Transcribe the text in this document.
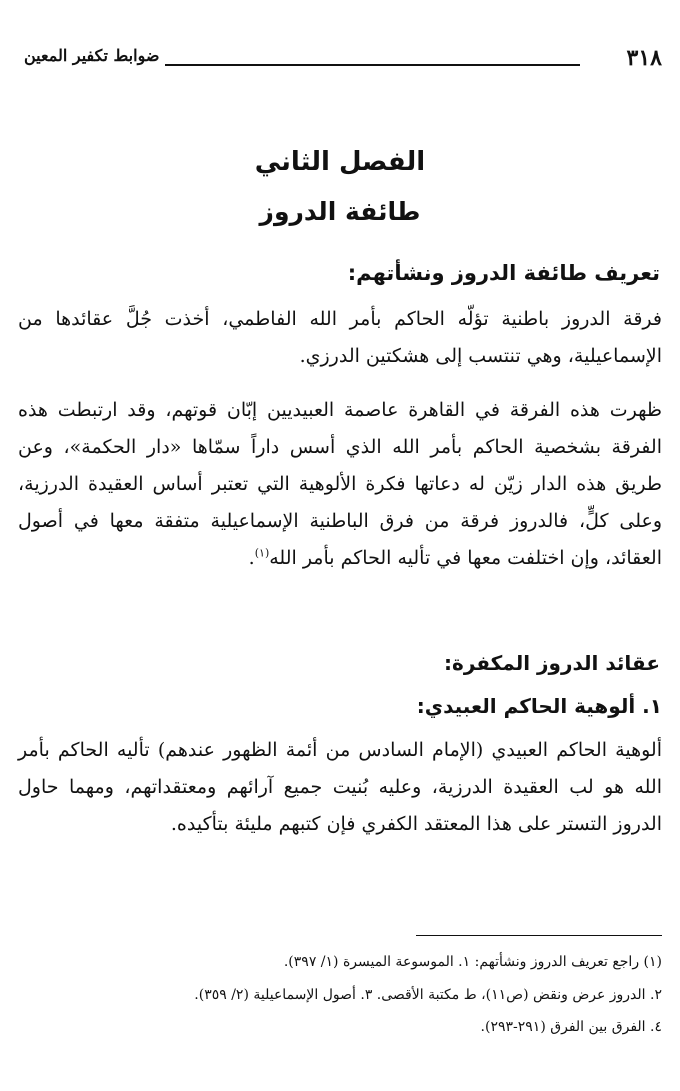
٣١٨
ضوابط تكفير المعين
الفصل الثاني
طائفة الدروز
تعريف طائفة الدروز ونشأتهم:

فرقة الدروز باطنية تؤلّه الحاكم بأمر الله الفاطمي، أخذت جُلَّ عقائدها من الإسماعيلية، وهي تنتسب إلى هشكتين الدرزي.

ظهرت هذه الفرقة في القاهرة عاصمة العبيديين إبّان قوتهم، وقد ارتبطت هذه الفرقة بشخصية الحاكم بأمر الله الذي أسس داراً سمّاها «دار الحكمة»، وعن طريق هذه الدار زيّن له دعاتها فكرة الألوهية التي تعتبر أساس العقيدة الدرزية، وعلى كلٍّ، فالدروز فرقة من فرق الباطنية الإسماعيلية متفقة معها في أصول العقائد، وإن اختلفت معها في تأليه الحاكم بأمر الله$^{(١)}$.

عقائد الدروز المكفرة:
١. ألوهية الحاكم العبيدي:

ألوهية الحاكم العبيدي (الإمام السادس من أئمة الظهور عندهم) تأليه الحاكم بأمر الله هو لب العقيدة الدرزية، وعليه بُنيت جميع آرائهم ومعتقداتهم، ومهما حاول الدروز التستر على هذا المعتقد الكفري فإن كتبهم مليئة بتأكيده.

(١) راجع تعريف الدروز ونشأتهم: ١. الموسوعة الميسرة (١/ ٣٩٧).

٢. الدروز عرض ونقض (ص١١)، ط مكتبة الأقصى. ٣. أصول الإسماعيلية (٢/ ٣٥٩).

٤. الفرق بين الفرق (٢٩١-٢٩٣).
